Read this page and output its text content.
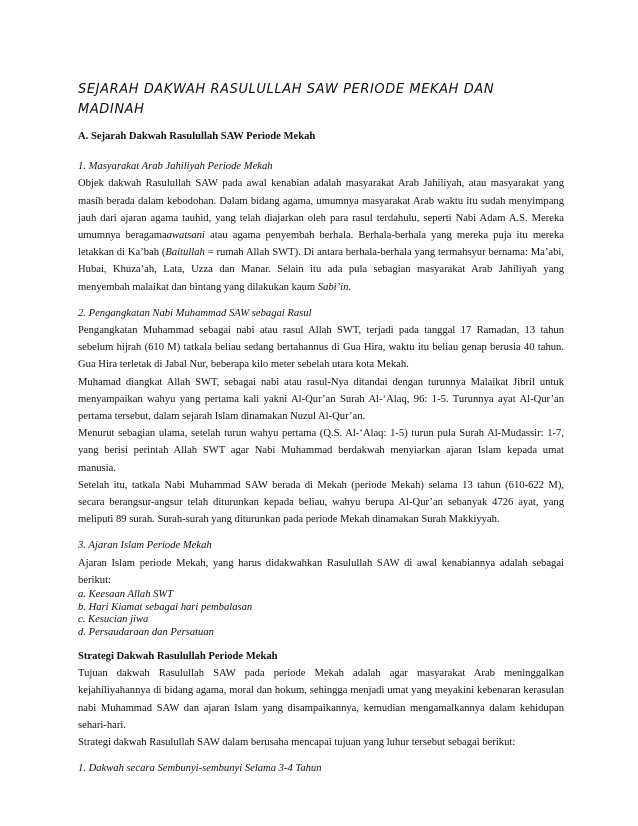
SEJARAH DAKWAH RASULULLAH SAW PERIODE MEKAH DAN MADINAH

A. Sejarah Dakwah Rasulullah SAW Periode Mekah

1. Masyarakat Arab Jahiliyah Periode Mekah

Objek dakwah Rasulullah SAW pada awal kenabian adalah masyarakat Arab Jahiliyah, atau masyarakat yang masih berada dalam kebodohan. Dalam bidang agama, umumnya masyarakat Arab waktu itu sudah menyimpang jauh dari ajaran agama tauhid, yang telah diajarkan oleh para rasul terdahulu, seperti Nabi Adam A.S. Mereka umumnya beragamaawatsani atau agama penyembah berhala. Berhala-berhala yang mereka puja itu mereka letakkan di Ka’bah (Baitullah = rumah Allah SWT). Di antara berhala-berhala yang termahsyur bernama: Ma’abi, Hubai, Khuza’ah, Lata, Uzza dan Manar. Selain itu ada pula sebagian masyarakat Arab Jahiliyah yang menyembah malaikat dan bintang yang dilakukan kaum Sabi’in.

2. Pengangkatan Nabi Muhammad SAW sebagai Rasul

Pengangkatan Muhammad sebagai nabi atau rasul Allah SWT, terjadi pada tanggal 17 Ramadan, 13 tahun sebelum hijrah (610 M) tatkala beliau sedang bertahannus di Gua Hira, waktu itu beliau genap berusia 40 tahun. Gua Hira terletak di Jabal Nur, beberapa kilo meter sebelah utara kota Mekah.

Muhamad diangkat Allah SWT, sebagai nabi atau rasul-Nya ditandai dengan turunnya Malaikat Jibril untuk menyampaikan wahyu yang pertama kali yakni Al-Qur’an Surah Al-‘Alaq, 96: 1-5. Turunnya ayat Al-Qur’an pertama tersebut, dalam sejarah Islam dinamakan Nuzul Al-Qur’an.

Menurut sebagian ulama, setelah turun wahyu pertama (Q.S. Al-‘Alaq: 1-5) turun pula Surah Al-Mudassir: 1-7, yang berisi perintah Allah SWT agar Nabi Muhammad berdakwah menyiarkan ajaran Islam kepada umat manusia.

Setelah itu, tatkala Nabi Muhammad SAW berada di Mekah (periode Mekah) selama 13 tahun (610-622 M), secara berangsur-angsur telah diturunkan kepada beliau, wahyu berupa Al-Qur’an sebanyak 4726 ayat, yang meliputi 89 surah. Surah-surah yang diturunkan pada periode Mekah dinamakan Surah Makkiyyah.

3. Ajaran Islam Periode Mekah

Ajaran Islam periode Mekah, yang harus didakwahkan Rasulullah SAW di awal kenabiannya adalah sebagai berikut:

a. Keesaan Allah SWT

b. Hari Kiamat sebagai hari pembalasan

c. Kesucian jiwa

d. Persaudaraan dan Persatuan

Strategi Dakwah Rasulullah Periode Mekah

Tujuan dakwah Rasulullah SAW pada periode Mekah adalah agar masyarakat Arab meninggalkan kejahiliyahannya di bidang agama, moral dan hokum, sehingga menjadi umat yang meyakini kebenaran kerasulan nabi Muhammad SAW dan ajaran Islam yang disampaikannya, kemudian mengamalkannya dalam kehidupan sehari-hari.

Strategi dakwah Rasulullah SAW dalam berusaha mencapai tujuan yang luhur tersebut sebagai berikut:

1. Dakwah secara Sembunyi-sembunyi Selama 3-4 Tahun
